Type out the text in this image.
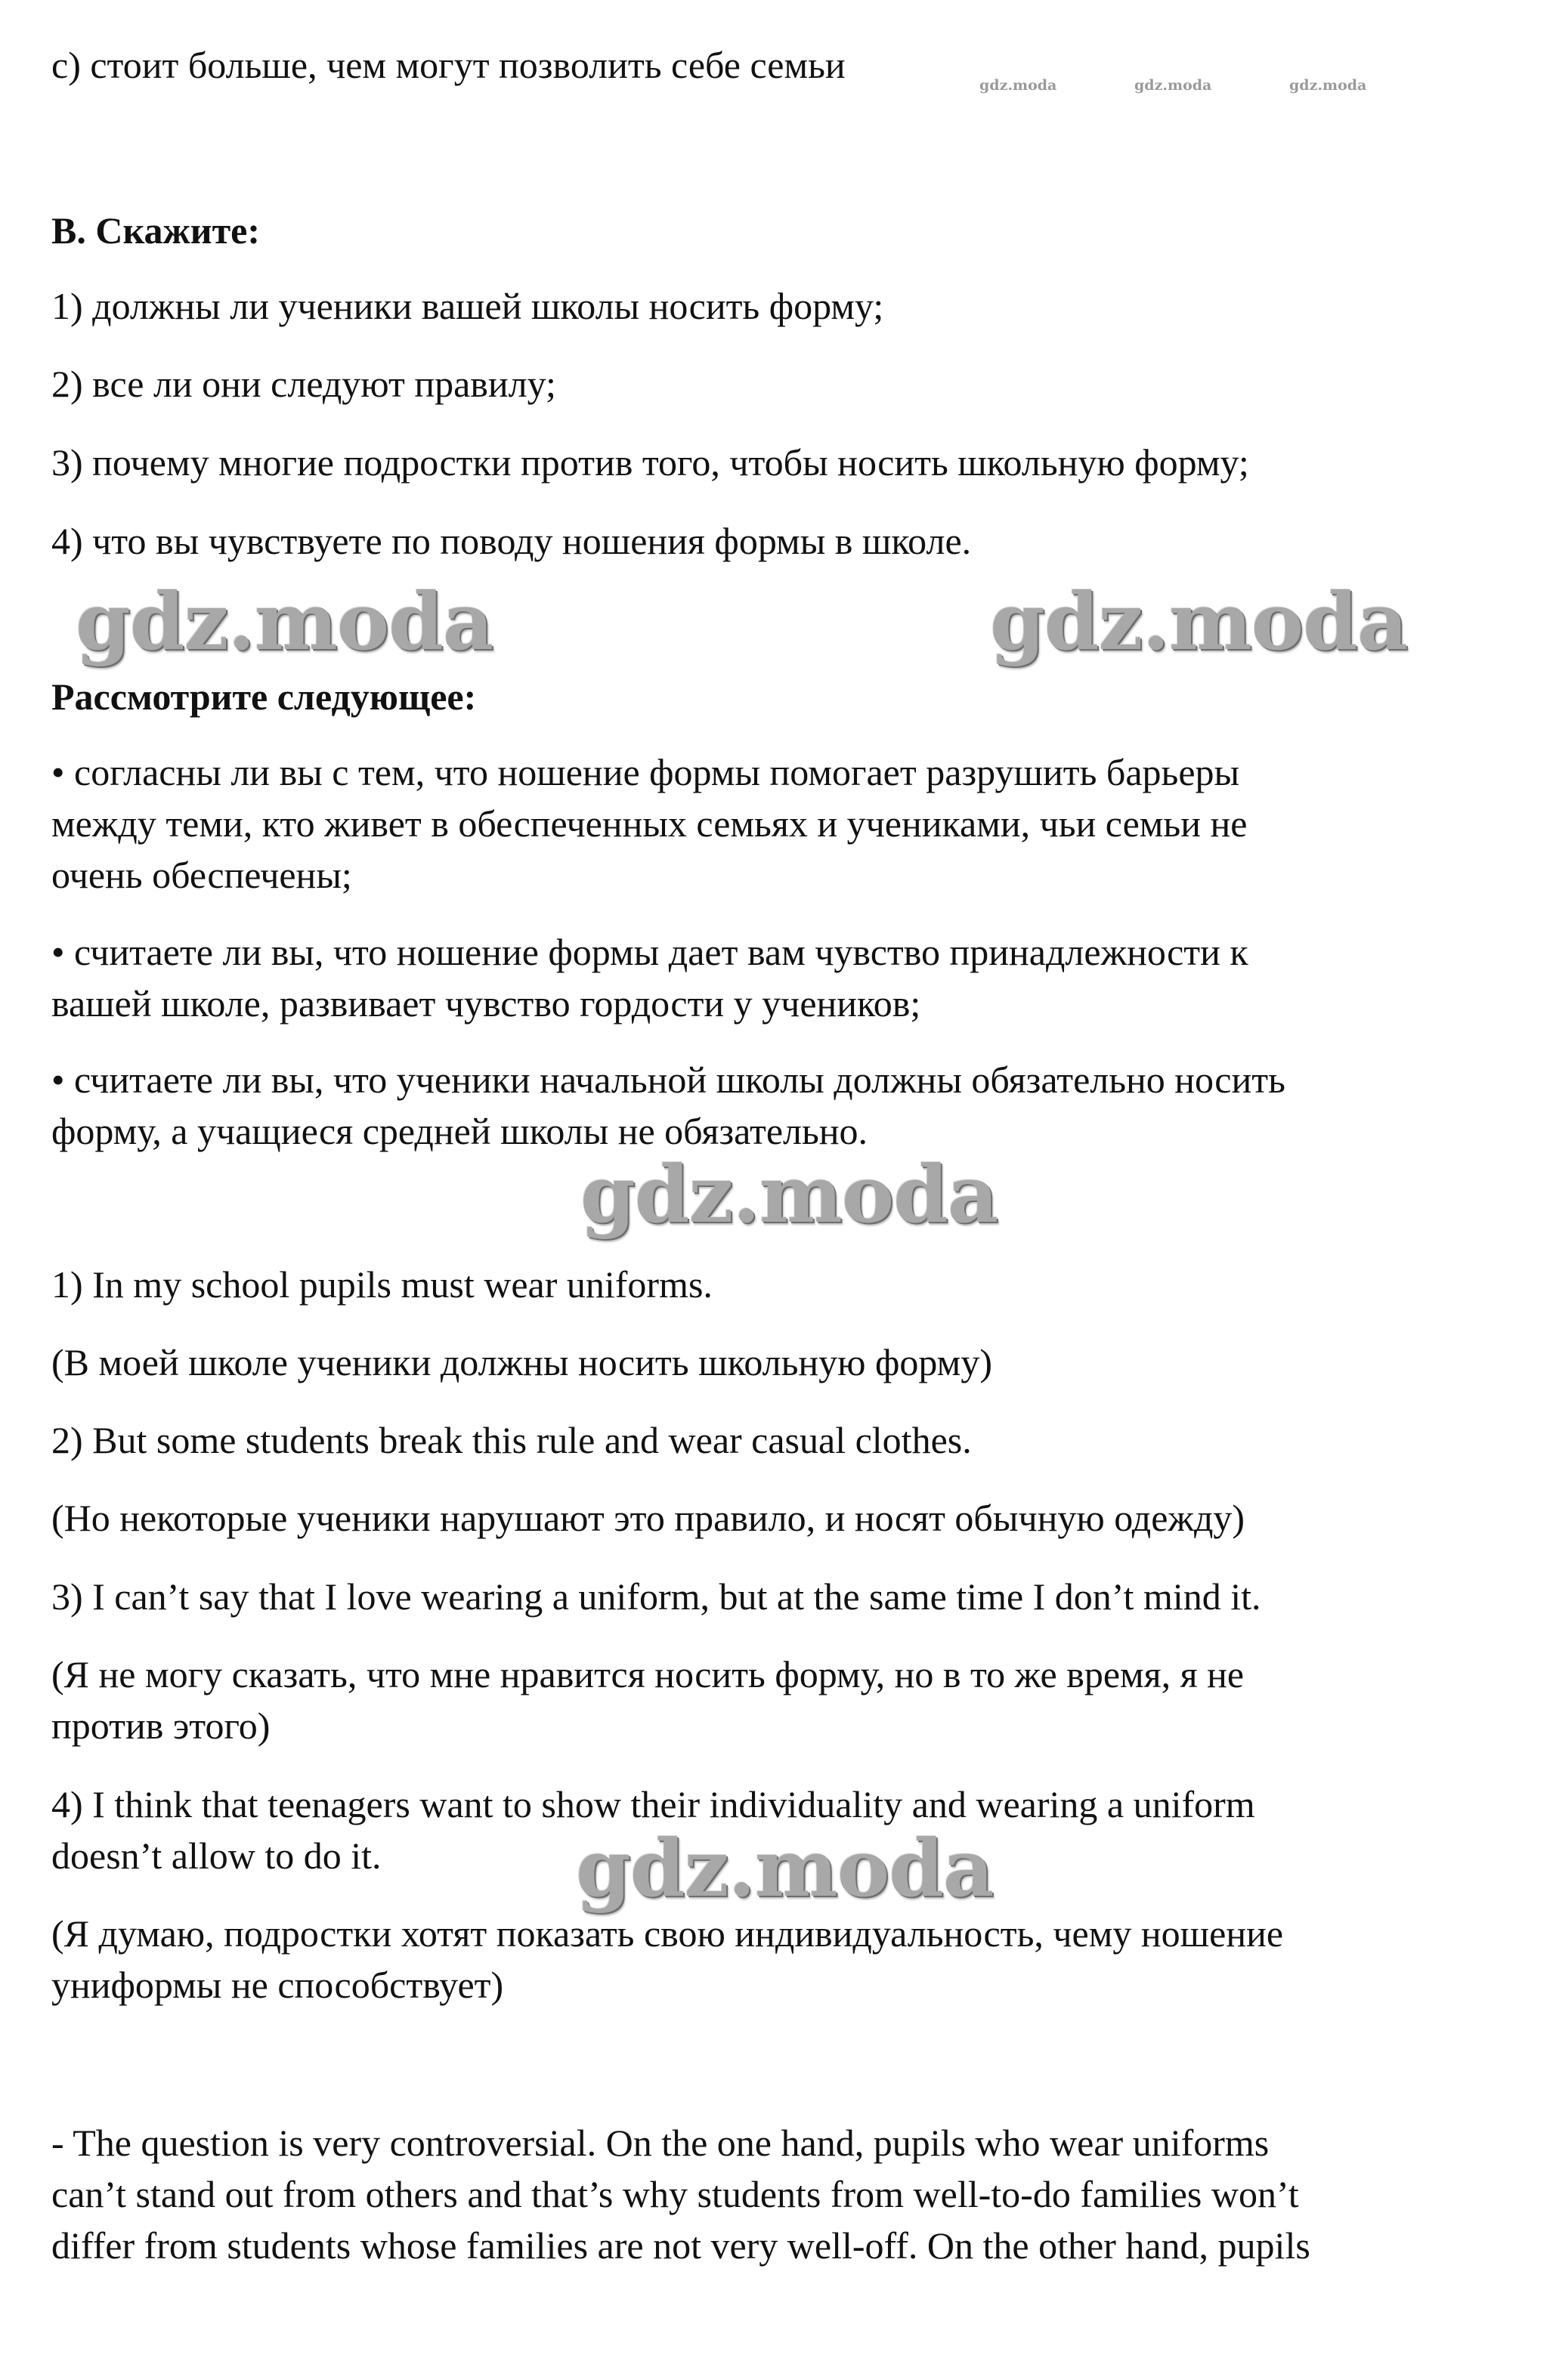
c) стоит больше, чем могут позволить себе семьи	gdz.moda	gdz.moda	gdz.moda

B. Скажите:

1) должны ли ученики вашей школы носить форму;

2) все ли они следуют правилу;

3) почему многие подростки против того, чтобы носить школьную форму;

4) что вы чувствуете по поводу ношения формы в школе.

gdz.moda	gdz.moda

Рассмотрите следующее:

• согласны ли вы с тем, что ношение формы помогает разрушить барьеры

между теми, кто живет в обеспеченных семьях и учениками, чьи семьи не

очень обеспечены;

• считаете ли вы, что ношение формы дает вам чувство принадлежности к

вашей школе, развивает чувство гордости у учеников;

• считаете ли вы, что ученики начальной школы должны обязательно носить

форму, а учащиеся средней школы не обязательно.

gdz.moda

1) In my school pupils must wear uniforms.

(В моей школе ученики должны носить школьную форму)

2) But some students break this rule and wear casual clothes.

(Но некоторые ученики нарушают это правило, и носят обычную одежду)

3) I can’t say that I love wearing a uniform, but at the same time I don’t mind it.

(Я не могу сказать, что мне нравится носить форму, но в то же время, я не

против этого)

4) I think that teenagers want to show their individuality and wearing a uniform

doesn’t allow to do it. gdz.moda

(Я думаю, подростки хотят показать свою индивидуальность, чему ношение

униформы не способствует)

- The question is very controversial. On the one hand, pupils who wear uniforms

can’t stand out from others and that’s why students from well-to-do families won’t

differ from students whose families are not very well-off. On the other hand, pupils
